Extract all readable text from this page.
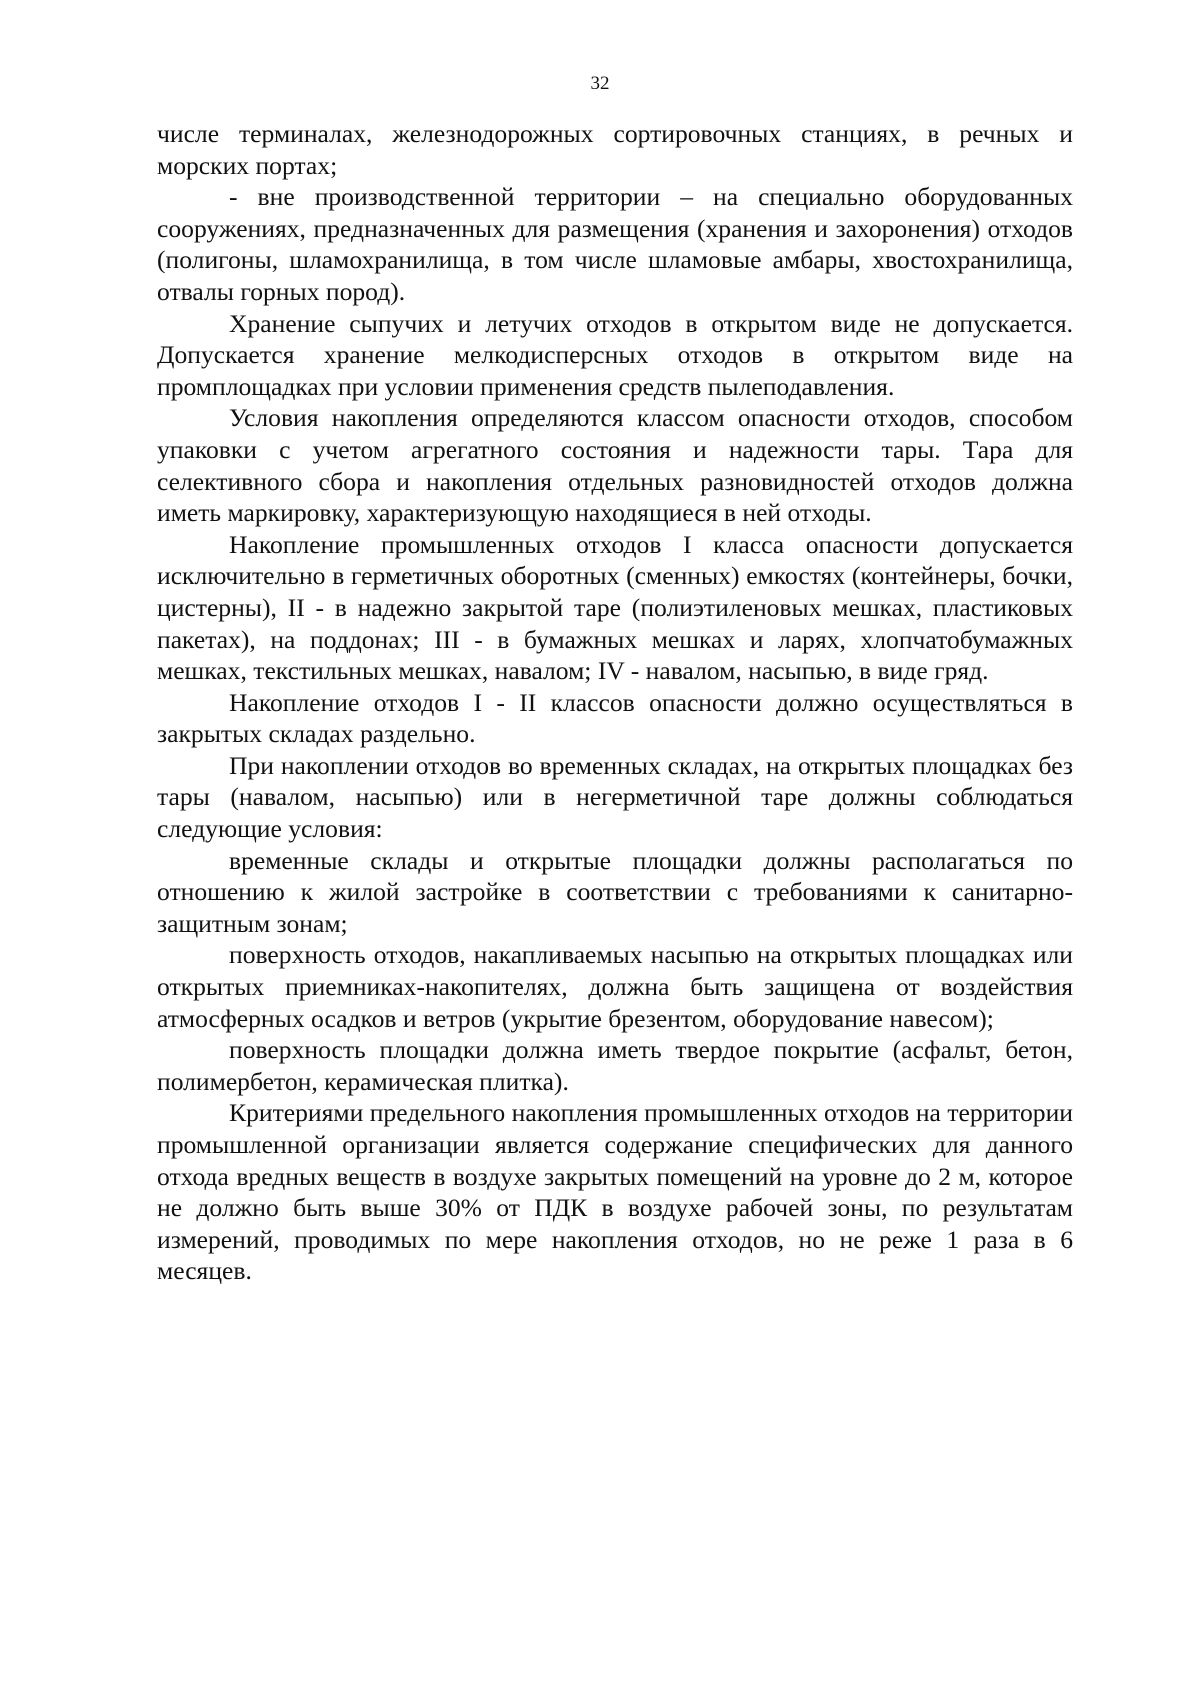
32

числе терминалах, железнодорожных сортировочных станциях, в речных и морских портах;

- вне производственной территории – на специально оборудованных сооружениях, предназначенных для размещения (хранения и захоронения) отходов (полигоны, шламохранилища, в том числе шламовые амбары, хвостохранилища, отвалы горных пород).

Хранение сыпучих и летучих отходов в открытом виде не допускается. Допускается хранение мелкодисперсных отходов в открытом виде на промплощадках при условии применения средств пылеподавления.

Условия накопления определяются классом опасности отходов, способом упаковки с учетом агрегатного состояния и надежности тары. Тара для селективного сбора и накопления отдельных разновидностей отходов должна иметь маркировку, характеризующую находящиеся в ней отходы.

Накопление промышленных отходов I класса опасности допускается исключительно в герметичных оборотных (сменных) емкостях (контейнеры, бочки, цистерны), II - в надежно закрытой таре (полиэтиленовых мешках, пластиковых пакетах), на поддонах; III - в бумажных мешках и ларях, хлопчатобумажных мешках, текстильных мешках, навалом; IV - навалом, насыпью, в виде гряд.

Накопление отходов I - II классов опасности должно осуществляться в закрытых складах раздельно.

При накоплении отходов во временных складах, на открытых площадках без тары (навалом, насыпью) или в негерметичной таре должны соблюдаться следующие условия:

временные склады и открытые площадки должны располагаться по отношению к жилой застройке в соответствии с требованиями к санитарно-защитным зонам;

поверхность отходов, накапливаемых насыпью на открытых площадках или открытых приемниках-накопителях, должна быть защищена от воздействия атмосферных осадков и ветров (укрытие брезентом, оборудование навесом);

поверхность площадки должна иметь твердое покрытие (асфальт, бетон, полимербетон, керамическая плитка).

Критериями предельного накопления промышленных отходов на территории промышленной организации является содержание специфических для данного отхода вредных веществ в воздухе закрытых помещений на уровне до 2 м, которое не должно быть выше 30% от ПДК в воздухе рабочей зоны, по результатам измерений, проводимых по мере накопления отходов, но не реже 1 раза в 6 месяцев.
